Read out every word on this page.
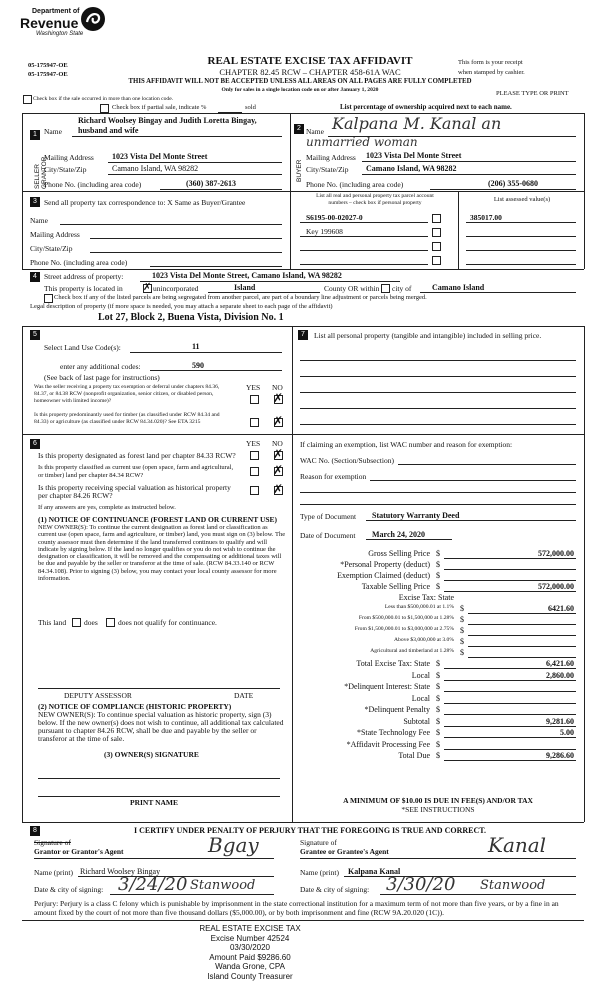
Department of
Revenue
Washington State
05-175947-OE
05-175947-OE
REAL ESTATE EXCISE TAX AFFIDAVIT
CHAPTER 82.45 RCW – CHAPTER 458-61A WAC
This form is your receipt
when stamped by cashier.
THIS AFFIDAVIT WILL NOT BE ACCEPTED UNLESS ALL AREAS ON ALL PAGES ARE FULLY COMPLETED
Only for sales in a single location code on or after January 1, 2020	PLEASE TYPE OR PRINT
Check box if the sale occurred in more than one location code.
Check box if partial sale, indicate %	sold	List percentage of ownership acquired next to each name.
1
SELLER GRANTOR
Richard Woolsey Bingay and Judith Loretta Bingay,
Name husband and wife
Mailing Address 1023 Vista Del Monte Street
City/State/Zip	Camano Island, WA 98282
Phone No. (including area code)	(360) 387-2613
2
BUYER
Name Kalpana M. Kanal an
unmarried woman
Mailing Address 1023 Vista Del Monte Street
City/State/Zip Camano Island, WA 98282
Phone No. (including area code)	(206) 355-0680
3 Send all property tax correspondence to: X Same as Buyer/Grantee
Name
Mailing Address
City/State/Zip
Phone No. (including area code)
List all real and personal property tax parcel account
numbers – check box if personal property	List assessed value(s)
S6195-00-02027-0	385017.00
Key 199608
4 Street address of property:	1023 Vista Del Monte Street, Camano Island, WA 98282
This property is located in ✗ unincorporated	Island	County OR within city of	Camano Island
Check box if any of the listed parcels are being segregated from another parcel, are part of a boundary line adjustment or parcels being merged.
Legal description of property (if more space is needed, you may attach a separate sheet to each page of the affidavit)
Lot 27, Block 2, Buena Vista, Division No. 1
5
Select Land Use Code(s):	11
enter any additional codes:	590
(See back of last page for instructions)
YES NO
Was the seller receiving a property tax exemption or deferral under chapters 84.36, 84.37, or 84.38 RCW (nonprofit organization, senior citizen, or disabled person, homeowner with limited income)?	✗
Is this property predominantly used for timber (as classified under RCW 84.34 and 84.33) or agriculture (as classified under RCW 84.34.020)? See ETA 3215	✗
7	List all personal property (tangible and intangible) included in selling price.
6	YES NO
Is this property designated as forest land per chapter 84.33 RCW?	✗
Is this property classified as current use (open space, farm and agricultural, or timber) land per chapter 84.34 RCW?	✗
Is this property receiving special valuation as historical property per chapter 84.26 RCW?	✗
If any answers are yes, complete as instructed below.
(1) NOTICE OF CONTINUANCE (FOREST LAND OR CURRENT USE)
NEW OWNER(S): To continue the current designation as forest land or classification as current use (open space, farm and agriculture, or timber) land, you must sign on (3) below. The county assessor must then determine if the land transferred continues to qualify and will indicate by signing below. If the land no longer qualifies or you do not wish to continue the designation or classification, it will be removed and the compensating or additional taxes will be due and payable by the seller or transferor at the time of sale. (RCW 84.33.140 or RCW 84.34.108). Prior to signing (3) below, you may contact your local county assessor for more information.
This land does	does not qualify for continuance.
DEPUTY ASSESSOR	DATE
(2) NOTICE OF COMPLIANCE (HISTORIC PROPERTY)
NEW OWNER(S): To continue special valuation as historic property, sign (3) below. If the new owner(s) does not wish to continue, all additional tax calculated pursuant to chapter 84.26 RCW, shall be due and payable by the seller or transferor at the time of sale.
(3) OWNER(S) SIGNATURE
PRINT NAME
If claiming an exemption, list WAC number and reason for exemption:
WAC No. (Section/Subsection)
Reason for exemption
Type of Document Statutory Warranty Deed
Date of Document March 24, 2020
Gross Selling Price $	572,000.00
*Personal Property (deduct) $
Exemption Claimed (deduct) $
Taxable Selling Price $	572,000.00
Excise Tax: State
Less than $500,000.01 at 1.1% $	6421.60
From $500,000.01 to $1,500,000 at 1.28% $
From $1,500,000.01 to $3,000,000 at 2.75% $
Above $3,000,000 at 3.0% $
Agricultural and timberland at 1.28% $
Total Excise Tax: State $	6,421.60
Local $	2,860.00
*Delinquent Interest: State $
Local $
*Delinquent Penalty $
Subtotal $	9,281.60
*State Technology Fee $	5.00
*Affidavit Processing Fee $
Total Due $	9,286.60
A MINIMUM OF $10.00 IS DUE IN FEE(S) AND/OR TAX
*SEE INSTRUCTIONS
8	I CERTIFY UNDER PENALTY OF PERJURY THAT THE FOREGOING IS TRUE AND CORRECT.
Signature of
Grantor or Grantor's Agent	Bgay	Signature of
Grantee or Grantee's Agent	Kanal
Name (print) Richard Woolsey Bingay	Name (print) Kalpana Kanal
Date & city of signing: 3/24/20 Stanwood	Date & city of signing: 3/30/20 Stanwood
Perjury: Perjury is a class C felony which is punishable by imprisonment in the state correctional institution for a maximum term of not more than five years, or by a fine in an amount fixed by the court of not more than five thousand dollars ($5,000.00), or by both imprisonment and fine (RCW 9A.20.020 (1C)).
REAL ESTATE EXCISE TAX
Excise Number 42524
03/30/2020
Amount Paid $9286.60
Wanda Grone, CPA
Island County Treasurer
